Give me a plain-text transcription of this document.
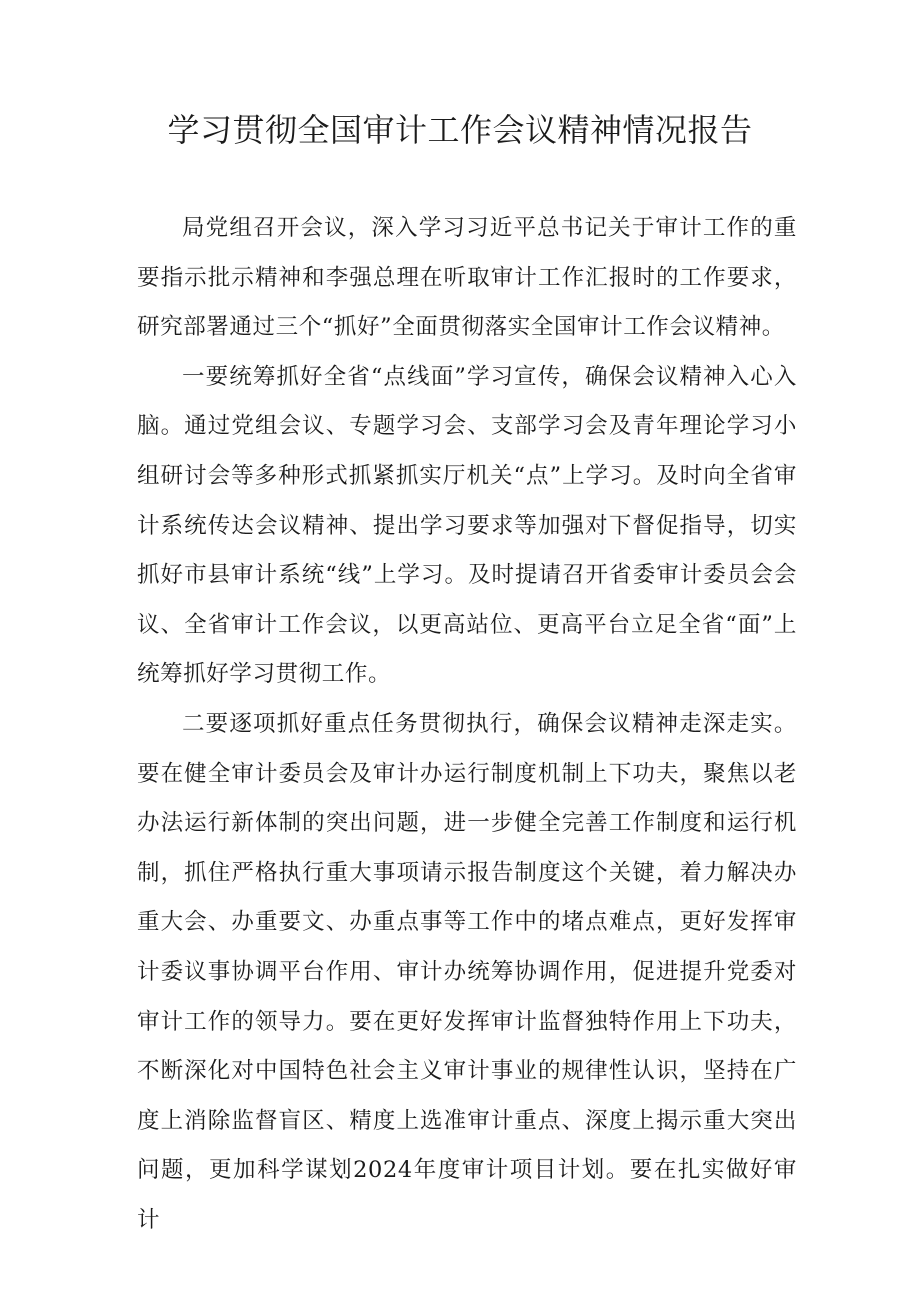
学习贯彻全国审计工作会议精神情况报告

局党组召开会议，深入学习习近平总书记关于审计工作的重要指示批示精神和李强总理在听取审计工作汇报时的工作要求，研究部署通过三个“抓好”全面贯彻落实全国审计工作会议精神。

一要统筹抓好全省“点线面”学习宣传，确保会议精神入心入脑。通过党组会议、专题学习会、支部学习会及青年理论学习小组研讨会等多种形式抓紧抓实厅机关“点”上学习。及时向全省审计系统传达会议精神、提出学习要求等加强对下督促指导，切实抓好市县审计系统“线”上学习。及时提请召开省委审计委员会会议、全省审计工作会议，以更高站位、更高平台立足全省“面”上统筹抓好学习贯彻工作。

二要逐项抓好重点任务贯彻执行，确保会议精神走深走实。要在健全审计委员会及审计办运行制度机制上下功夫，聚焦以老办法运行新体制的突出问题，进一步健全完善工作制度和运行机制，抓住严格执行重大事项请示报告制度这个关键，着力解决办重大会、办重要文、办重点事等工作中的堵点难点，更好发挥审计委议事协调平台作用、审计办统筹协调作用，促进提升党委对审计工作的领导力。要在更好发挥审计监督独特作用上下功夫，不断深化对中国特色社会主义审计事业的规律性认识，坚持在广度上消除监督盲区、精度上选准审计重点、深度上揭示重大突出问题，更加科学谋划2024年度审计项目计划。要在扎实做好审计
